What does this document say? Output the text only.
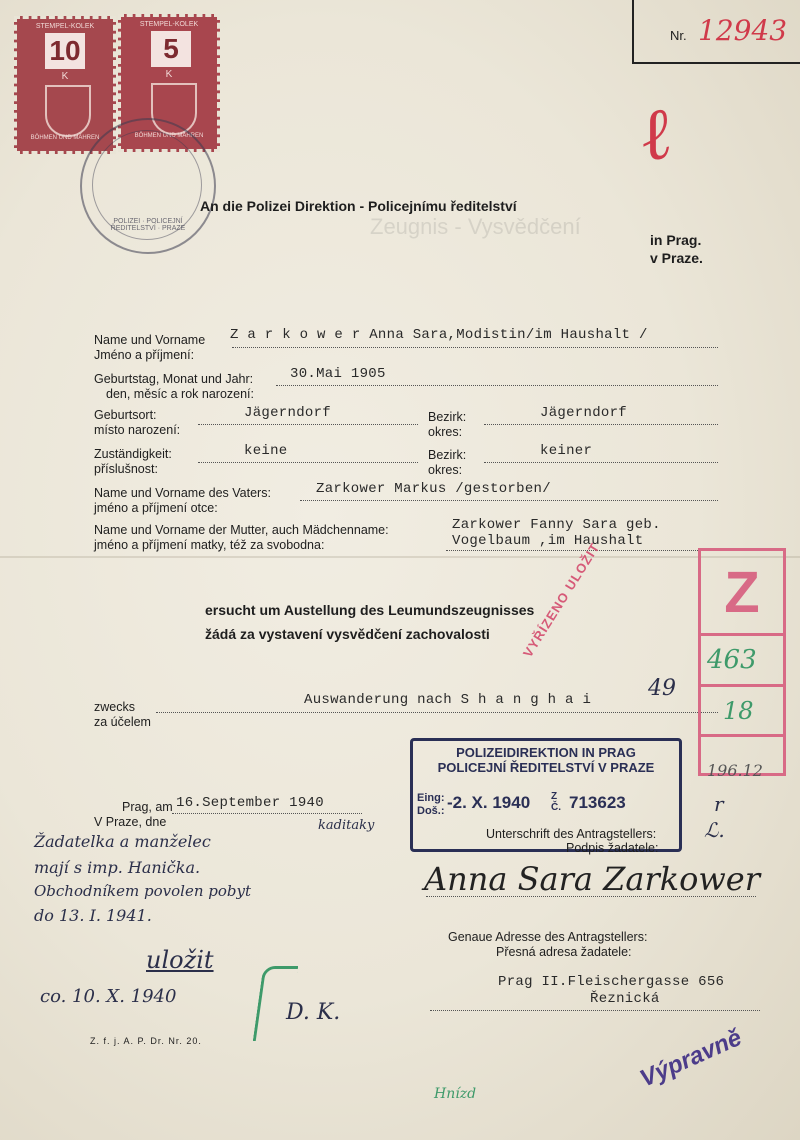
Nr. 12943
ℓ
STEMPEL-KOLEK
10
K
BÖHMEN UND MÄHREN
STEMPEL-KOLEK
5
K
BÖHMEN UND MÄHREN
POLIZEI · POLICEJNÍ ŘEDITELSTVÍ · PRAZE
An die Polizei Direktion - Policejnímu ředitelství
Zeugnis - Vysvědčení
in Prag.
v Praze.
Name und Vorname
Jméno a příjmení:
Z a r k o w e r Anna Sara,Modistin/im Haushalt /
Geburtstag, Monat und Jahr:
den, měsíc a rok narození:
30.Mai 1905
Geburtsort:
místo narození:
Jägerndorf	Bezirk:
okres:
Jägerndorf
Zuständigkeit:
příslušnost:
keine	Bezirk:
okres:
keiner
Name und Vorname des Vaters:
jméno a příjmení otce:
Zarkower Markus /gestorben/
Name und Vorname der Mutter, auch Mädchenname:
jméno a příjmení matky, též za svobodna:
Zarkower Fanny Sara geb.
Vogelbaum ,im Haushalt
ersucht um Austellung des Leumundszeugnisses
žádá za vystavení vysvědčení zachovalosti
zwecks
za účelem
Auswanderung nach S h a n g h a i	49
Z
463
18
196.12
VYŘÍZENO ULOŽIT
POLIZEIDIREKTION IN PRAG
POLICEJNÍ ŘEDITELSTVÍ V PRAZE
Eing:
Doš.: -2. X. 1940 Z Č. 713623	r
ℒ.
Prag, am
V Praze, dne
16.September 1940
Unterschrift des Antragstellers:
Podpis žadatele:
Anna Sara Zarkower
kaditaky
Žadatelka a manželec
mají s imp. Hanička.
Obchodníkem povolen pobyt
do 13. I. 1941.
uložit
co. 10. X. 1940
D. K.
Genaue Adresse des Antragstellers:
Přesná adresa žadatele:
Prag II.Fleischergasse 656
Řeznická
Výpravně
Z. f. j. A. P. Dr. Nr. 20.
Hnízd
